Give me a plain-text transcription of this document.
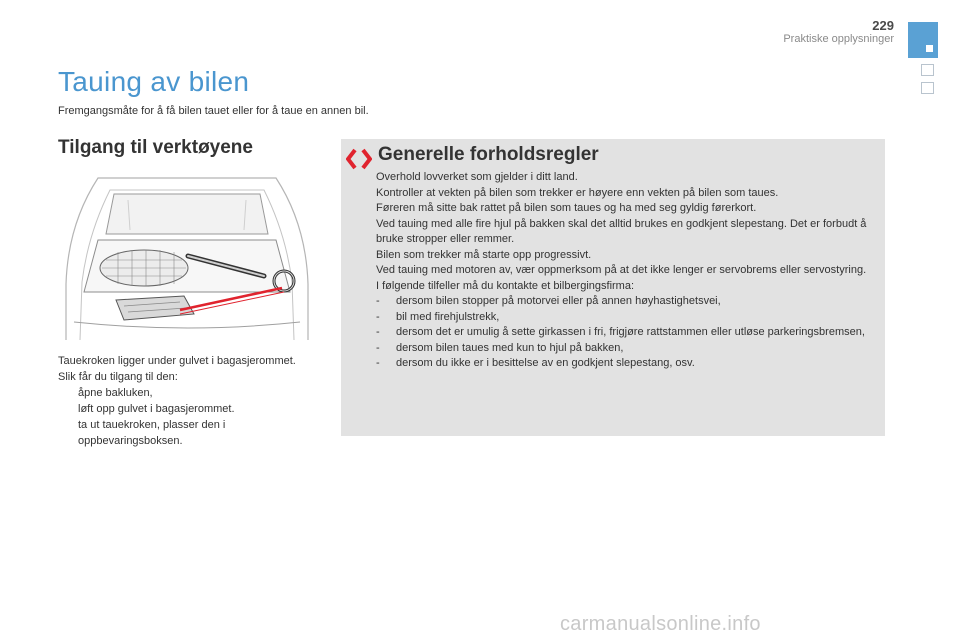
229
Praktiske opplysninger
Tauing av bilen
Fremgangsmåte for å få bilen tauet eller for å taue en annen bil.
Tilgang til verktøyene

Tauekroken ligger under gulvet i bagasjerommet.

Slik får du tilgang til den:

åpne bakluken,
løft opp gulvet i bagasjerommet.
ta ut tauekroken, plasser den i oppbevaringsboksen.
Generelle forholdsregler

Overhold lovverket som gjelder i ditt land.

Kontroller at vekten på bilen som trekker er høyere enn vekten på bilen som taues.

Føreren må sitte bak rattet på bilen som taues og ha med seg gyldig førerkort.

Ved tauing med alle fire hjul på bakken skal det alltid brukes en godkjent slepestang. Det er forbudt å bruke stropper eller remmer.

Bilen som trekker må starte opp progressivt.

Ved tauing med motoren av, vær oppmerksom på at det ikke lenger er servobrems eller servostyring.

I følgende tilfeller må du kontakte et bilbergingsfirma:

-	dersom bilen stopper på motorvei eller på annen høyhastighetsvei,
-	bil med firehjulstrekk,
-	dersom det er umulig å sette girkassen i fri, frigjøre rattstammen eller utløse parkeringsbremsen,
-	dersom bilen taues med kun to hjul på bakken,
-	dersom du ikke er i besittelse av en godkjent slepestang, osv.
carmanualsonline.info
